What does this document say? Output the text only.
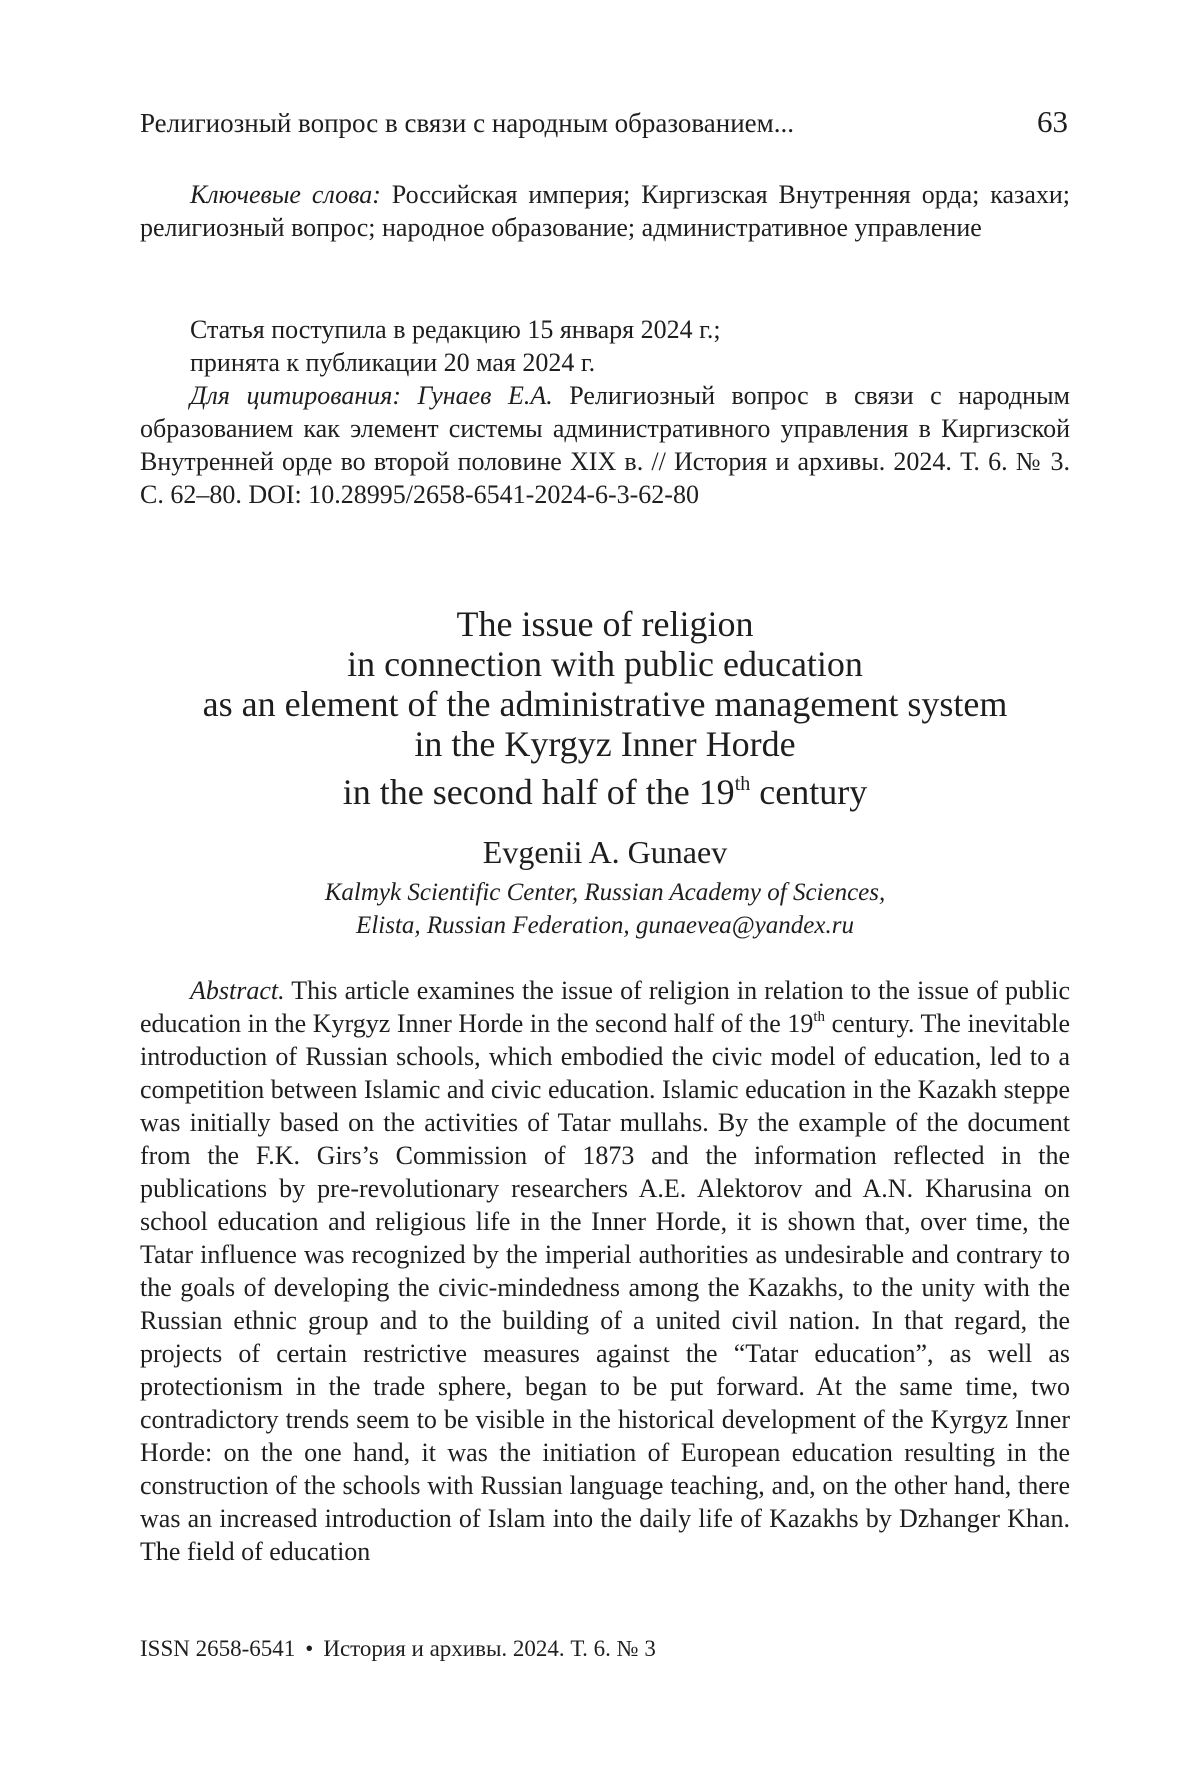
Религиозный вопрос в связи с народным образованием...	63

Ключевые слова: Российская империя; Киргизская Внутренняя орда; казахи; религиозный вопрос; народное образование; административное управление

Статья поступила в редакцию 15 января 2024 г.;
принята к публикации 20 мая 2024 г.

Для цитирования: Гунаев Е.А. Религиозный вопрос в связи с народным образованием как элемент системы административного управления в Киргизской Внутренней орде во второй половине XIX в. // История и архивы. 2024. Т. 6. № 3. С. 62–80. DOI: 10.28995/2658-6541-2024-6-3-62-80

The issue of religion
in connection with public education
as an element of the administrative management system
in the Kyrgyz Inner Horde
in the second half of the 19th century
Evgenii A. Gunaev
Kalmyk Scientific Center, Russian Academy of Sciences,
Elista, Russian Federation, gunaevea@yandex.ru

Abstract. This article examines the issue of religion in relation to the issue of public education in the Kyrgyz Inner Horde in the second half of the 19th century. The inevitable introduction of Russian schools, which embodied the civic model of education, led to a competition between Islamic and civic education. Islamic education in the Kazakh steppe was initially based on the activities of Tatar mullahs. By the example of the document from the F.K. Girs’s Commission of 1873 and the information reflected in the publications by pre-revolutionary researchers A.E. Alektorov and A.N. Kharusina on school education and religious life in the Inner Horde, it is shown that, over time, the Tatar influence was recognized by the imperial authorities as undesirable and contrary to the goals of developing the civic-mindedness among the Kazakhs, to the unity with the Russian ethnic group and to the building of a united civil nation. In that regard, the projects of certain restrictive measures against the “Tatar education”, as well as protectionism in the trade sphere, began to be put forward. At the same time, two contradictory trends seem to be visible in the historical development of the Kyrgyz Inner Horde: on the one hand, it was the initiation of European education resulting in the construction of the schools with Russian language teaching, and, on the other hand, there was an increased introduction of Islam into the daily life of Kazakhs by Dzhanger Khan. The field of education

ISSN 2658-6541 • История и архивы. 2024. Т. 6. № 3
